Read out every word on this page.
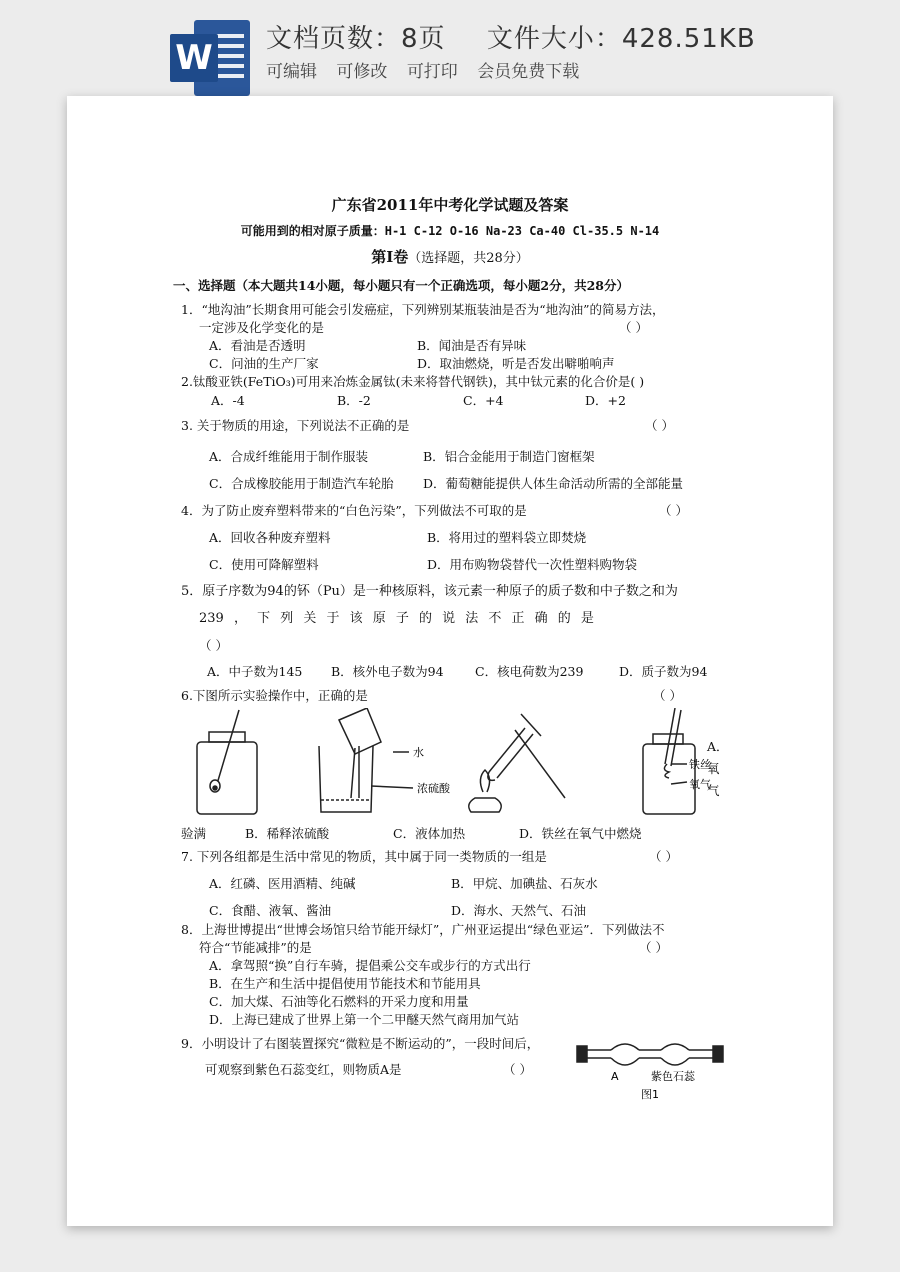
W 文档页数：8页 文件大小：428.51KB
可编辑 可修改 可打印 会员免费下载
广东省2011年中考化学试题及答案
可能用到的相对原子质量：H-1 C-12 O-16 Na-23 Ca-40 Cl-35.5 N-14
第Ⅰ卷（选择题，共28分）
一、选择题（本大题共14小题，每小题只有一个正确选项，每小题2分，共28分）
1．“地沟油”长期食用可能会引发癌症，下列辨别某瓶装油是否为“地沟油”的简易方法，
一定涉及化学变化的是	（ ）
A．看油是否透明	B．闻油是否有异味
C．问油的生产厂家	D．取油燃烧，听是否发出噼啪响声
2.钛酸亚铁(FeTiO₃)可用来冶炼金属钛(未来将替代钢铁)，其中钛元素的化合价是( )
A．-4	B．-2	C．+4	D．+2
3. 关于物质的用途，下列说法不正确的是	（ ）
A．合成纤维能用于制作服装	B．铝合金能用于制造门窗框架
C．合成橡胶能用于制造汽车轮胎 D．葡萄糖能提供人体生命活动所需的全部能量
4．为了防止废弃塑料带来的“白色污染”，下列做法不可取的是	（ ）
A．回收各种废弃塑料	B．将用过的塑料袋立即焚烧
C．使用可降解塑料	D．用布购物袋替代一次性塑料购物袋
5．原子序数为94的钚（Pu）是一种核原料，该元素一种原子的质子数和中子数之和为
239 ， 下 列 关 于 该 原 子 的 说 法 不 正 确 的 是
（ ）
A．中子数为145 B．核外电子数为94	C．核电荷数为239	D．质子数为94
6.下图所示实验操作中，正确的是	（ ）
水
浓硫酸
铁丝
氧气
A．氧气
验满	B．稀释浓硫酸	C．液体加热	D．铁丝在氧气中燃烧
7. 下列各组都是生活中常见的物质，其中属于同一类物质的一组是	（ ）
A．红磷、医用酒精、纯碱	B．甲烷、加碘盐、石灰水
C．食醋、液氧、酱油	D．海水、天然气、石油
8．上海世博提出“世博会场馆只给节能开绿灯”，广州亚运提出“绿色亚运”．下列做法不
符合“节能减排”的是	（ ）
A．拿驾照“换”自行车骑，提倡乘公交车或步行的方式出行
B．在生产和生活中提倡使用节能技术和节能用具
C．加大煤、石油等化石燃料的开采力度和用量
D．上海已建成了世界上第一个二甲醚天然气商用加气站
9．小明设计了右图装置探究“微粒是不断运动的”，一段时间后，
可观察到紫色石蕊变红，则物质A是	（ ）	A	紫色石蕊
图1
